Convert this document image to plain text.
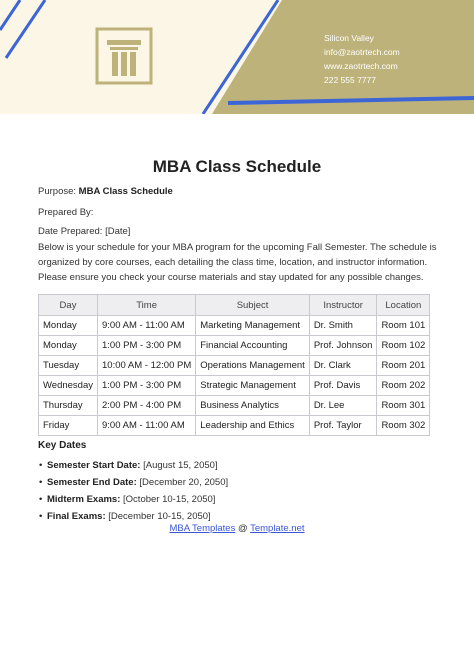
Silicon Valley
info@zaotrtech.com
www.zaotrtech.com
222 555 7777
MBA Class Schedule
Purpose: MBA Class Schedule
Prepared By:
Date Prepared: [Date]
Below is your schedule for your MBA program for the upcoming Fall Semester. The schedule is organized by core courses, each detailing the class time, location, and instructor information. Please ensure you check your course materials and stay updated for any possible changes.
Day	Time	Subject	Instructor	Location
Monday	9:00 AM - 11:00 AM	Marketing Management	Dr. Smith	Room 101
Monday	1:00 PM - 3:00 PM	Financial Accounting	Prof. Johnson	Room 102
Tuesday	10:00 AM - 12:00 PM	Operations Management	Dr. Clark	Room 201
Wednesday	1:00 PM - 3:00 PM	Strategic Management	Prof. Davis	Room 202
Thursday	2:00 PM - 4:00 PM	Business Analytics	Dr. Lee	Room 301
Friday	9:00 AM - 11:00 AM	Leadership and Ethics	Prof. Taylor	Room 302
Key Dates
• Semester Start Date: [August 15, 2050]
• Semester End Date: [December 20, 2050]
• Midterm Exams: [October 10-15, 2050]
• Final Exams: [December 10-15, 2050]
MBA Templates @ Template.net
